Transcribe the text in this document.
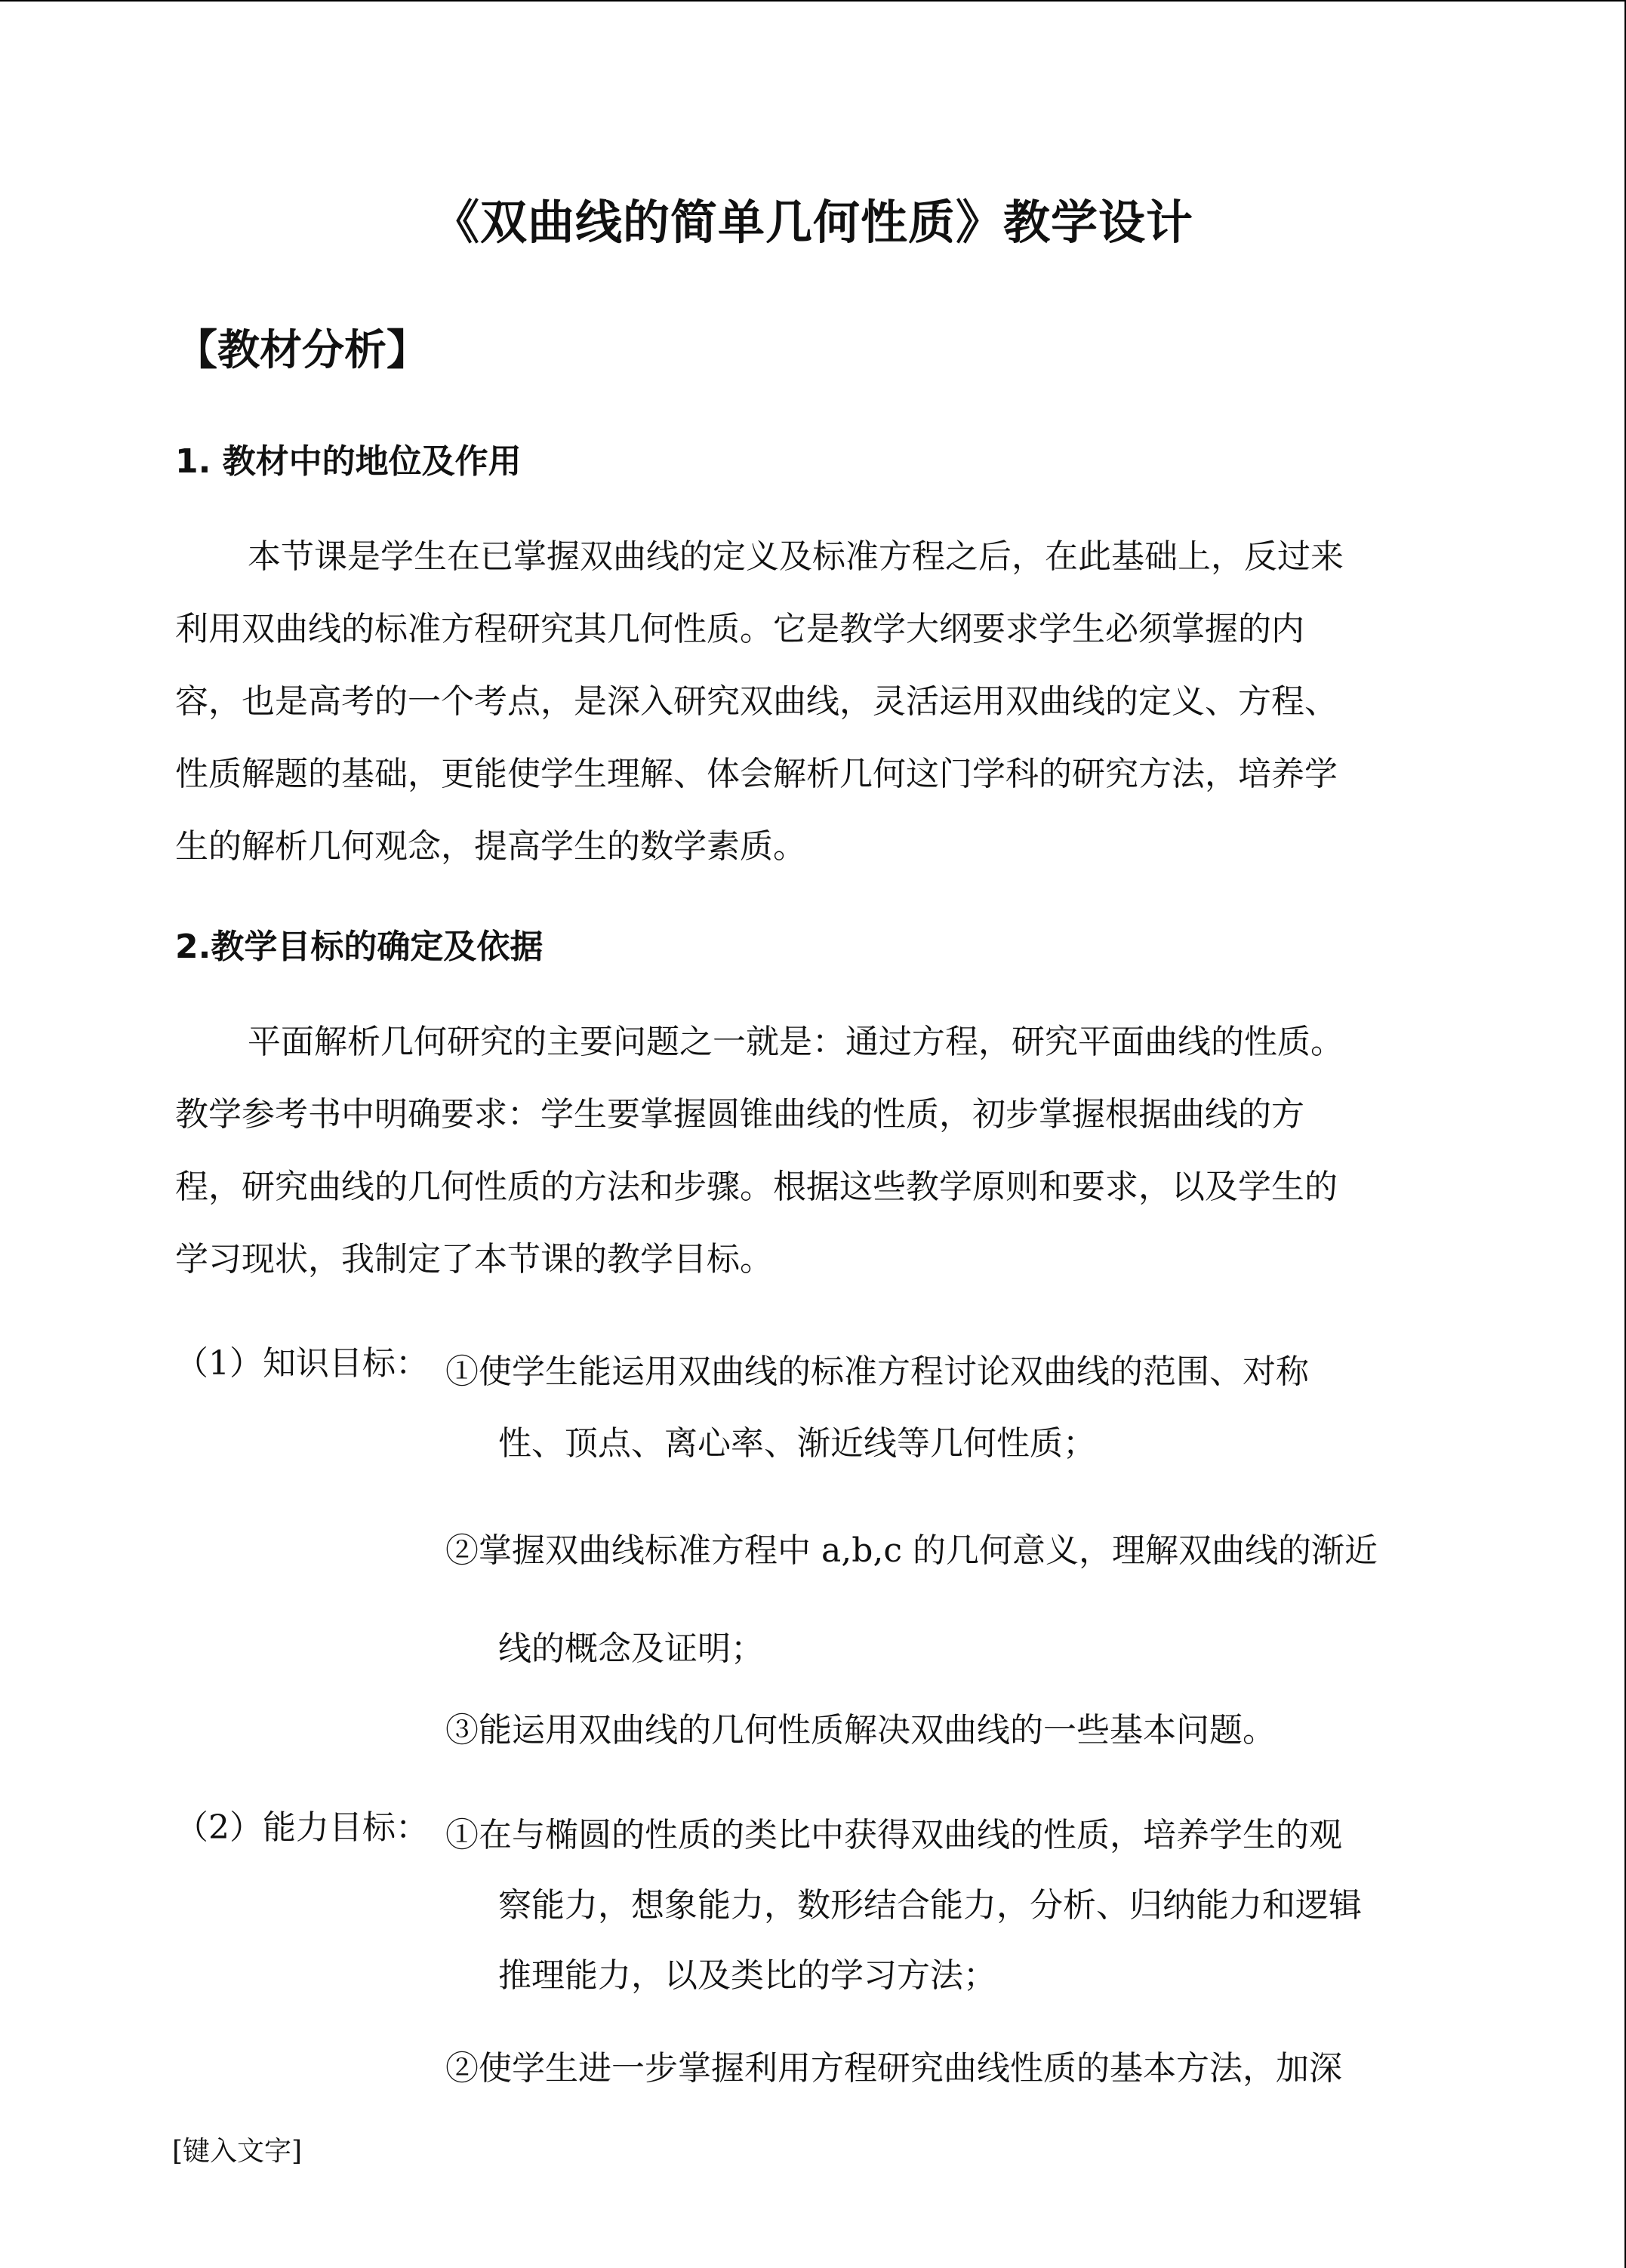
《双曲线的简单几何性质》教学设计
【教材分析】
1. 教材中的地位及作用

本节课是学生在已掌握双曲线的定义及标准方程之后，在此基础上，反过来
利用双曲线的标准方程研究其几何性质。它是教学大纲要求学生必须掌握的内
容，也是高考的一个考点，是深入研究双曲线，灵活运用双曲线的定义、方程、
性质解题的基础，更能使学生理解、体会解析几何这门学科的研究方法，培养学
生的解析几何观念，提高学生的数学素质。

2.教学目标的确定及依据

平面解析几何研究的主要问题之一就是：通过方程，研究平面曲线的性质。
教学参考书中明确要求：学生要掌握圆锥曲线的性质，初步掌握根据曲线的方
程，研究曲线的几何性质的方法和步骤。根据这些教学原则和要求，以及学生的
学习现状，我制定了本节课的教学目标。

（1）知识目标： ①使学生能运用双曲线的标准方程讨论双曲线的范围、对称
性、顶点、离心率、渐近线等几何性质；

②掌握双曲线标准方程中 a,b,c 的几何意义，理解双曲线的渐近
线的概念及证明；

③能运用双曲线的几何性质解决双曲线的一些基本问题。

（2）能力目标： ①在与椭圆的性质的类比中获得双曲线的性质，培养学生的观
察能力，想象能力，数形结合能力，分析、归纳能力和逻辑
推理能力，以及类比的学习方法；

②使学生进一步掌握利用方程研究曲线性质的基本方法，加深

[键入文字]
